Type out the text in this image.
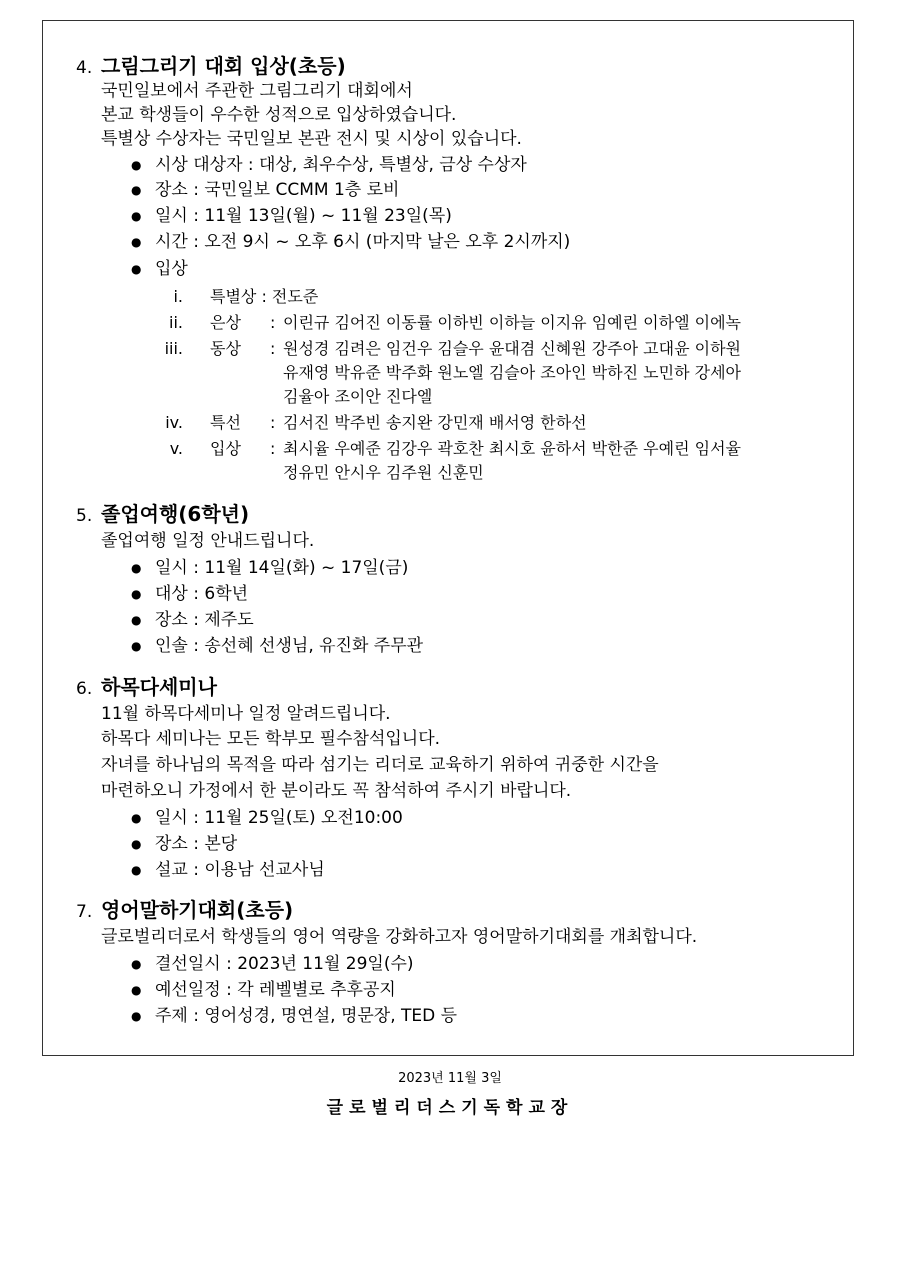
4. 그림그리기 대회 입상(초등)
국민일보에서 주관한 그림그리기 대회에서
본교 학생들이 우수한 성적으로 입상하였습니다.
특별상 수상자는 국민일보 본관 전시 및 시상이 있습니다.
● 시상 대상자 : 대상, 최우수상, 특별상, 금상 수상자
● 장소 : 국민일보 CCMM 1층 로비
● 일시 : 11월 13일(월) ~ 11월 23일(목)
● 시간 : 오전 9시 ~ 오후 6시 (마지막 날은 오후 2시까지)
● 입상
i. 특별상 : 전도준
ii. 은상 : 이린규 김어진 이동률 이하빈 이하늘 이지유 임예린 이하엘 이에녹
iii. 동상 : 원성경 김려은 임건우 김슬우 윤대겸 신혜원 강주아 고대윤 이하원
유재영 박유준 박주화 원노엘 김슬아 조아인 박하진 노민하 강세아
김율아 조이안 진다엘
iv. 특선 : 김서진 박주빈 송지완 강민재 배서영 한하선
v. 입상 : 최시율 우예준 김강우 곽호찬 최시호 윤하서 박한준 우예린 임서율
정유민 안시우 김주원 신훈민
5. 졸업여행(6학년)
졸업여행 일정 안내드립니다.
● 일시 : 11월 14일(화) ~ 17일(금)
● 대상 : 6학년
● 장소 : 제주도
● 인솔 : 송선혜 선생님, 유진화 주무관
6. 하목다세미나
11월 하목다세미나 일정 알려드립니다.
하목다 세미나는 모든 학부모 필수참석입니다.
자녀를 하나님의 목적을 따라 섬기는 리더로 교육하기 위하여 귀중한 시간을
마련하오니 가정에서 한 분이라도 꼭 참석하여 주시기 바랍니다.
● 일시 : 11월 25일(토) 오전10:00
● 장소 : 본당
● 설교 : 이용남 선교사님
7. 영어말하기대회(초등)
글로벌리더로서 학생들의 영어 역량을 강화하고자 영어말하기대회를 개최합니다.
● 결선일시 : 2023년 11월 29일(수)
● 예선일정 : 각 레벨별로 추후공지
● 주제 : 영어성경, 명연설, 명문장, TED 등
2023년 11월 3일
글로벌리더스기독학교장
